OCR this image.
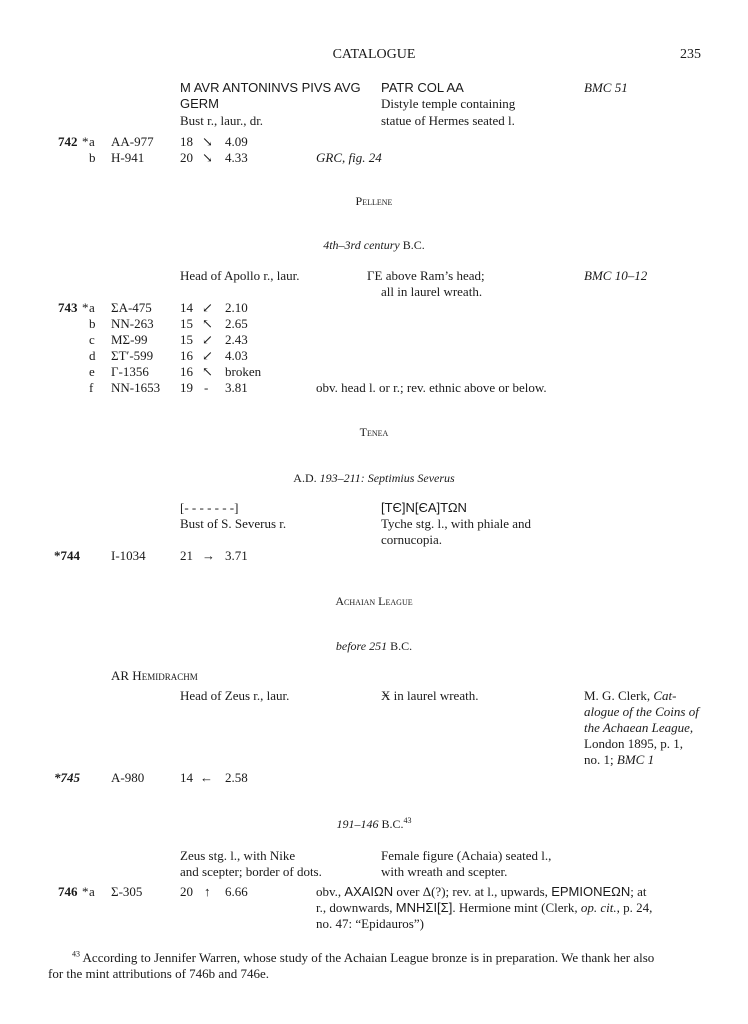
CATALOGUE	235
M AVR ANTONINVS PIVS AVG
GERM
Bust r., laur., dr.
PATR COL AA
Distyle temple containing
statue of Hermes seated l.
BMC 51
742 * a AA-977 18 ↘ 4.09
b H-941	20 ↘ 4.33	GRC, fig. 24
Pellene
4th–3rd century B.C.
Head of Apollo r., laur.	ΓΕ above Ram’s head;
all in laurel wreath.
BMC 10–12
743 * a ΣΑ-475 14 ↙ 2.10
b NN-263 15 ↖ 2.65
c ΜΣ-99	15 ↙ 2.43
d ΣΤ′-599 16 ↙ 4.03
e Γ-1356 16 ↖ broken
f NN-1653 19 - 3.81	obv. head l. or r.; rev. ethnic above or below.
Tenea
A.D. 193–211: Septimius Severus
[- - - - - - -]
Bust of S. Severus r.
[ΤЄ]Ν[ЄΑ]ΤΩΝ
Tyche stg. l., with phiale and
cornucopia.
*744 I-1034	21 → 3.71
Achaian League
before 251 B.C.
AR Hemidrachm
Head of Zeus r., laur.	Ӿ in laurel wreath.	M. G. Clerk, Cat-
alogue of the Coins of
the Achaean League,
London 1895, p. 1,
no. 1; BMC 1
*745 A-980	14 ← 2.58
191–146 B.C.$^{43}$
Zeus stg. l., with Nike
and scepter; border of dots.
Female figure (Achaia) seated l.,
with wreath and scepter.
746 * a Σ-305	20 ↑ 6.66	obv., ΑΧΑΙΩΝ over Δ(?); rev. at l., upwards, ΕΡΜΙΟΝΕΩΝ; at
r., downwards, ΜΝΗΣΙ[Σ]. Hermione mint (Clerk, op. cit., p. 24,
no. 47: “Epidauros”)
$^{43}$ According to Jennifer Warren, whose study of the Achaian League bronze is in preparation. We thank her also
for the mint attributions of 746b and 746e.
